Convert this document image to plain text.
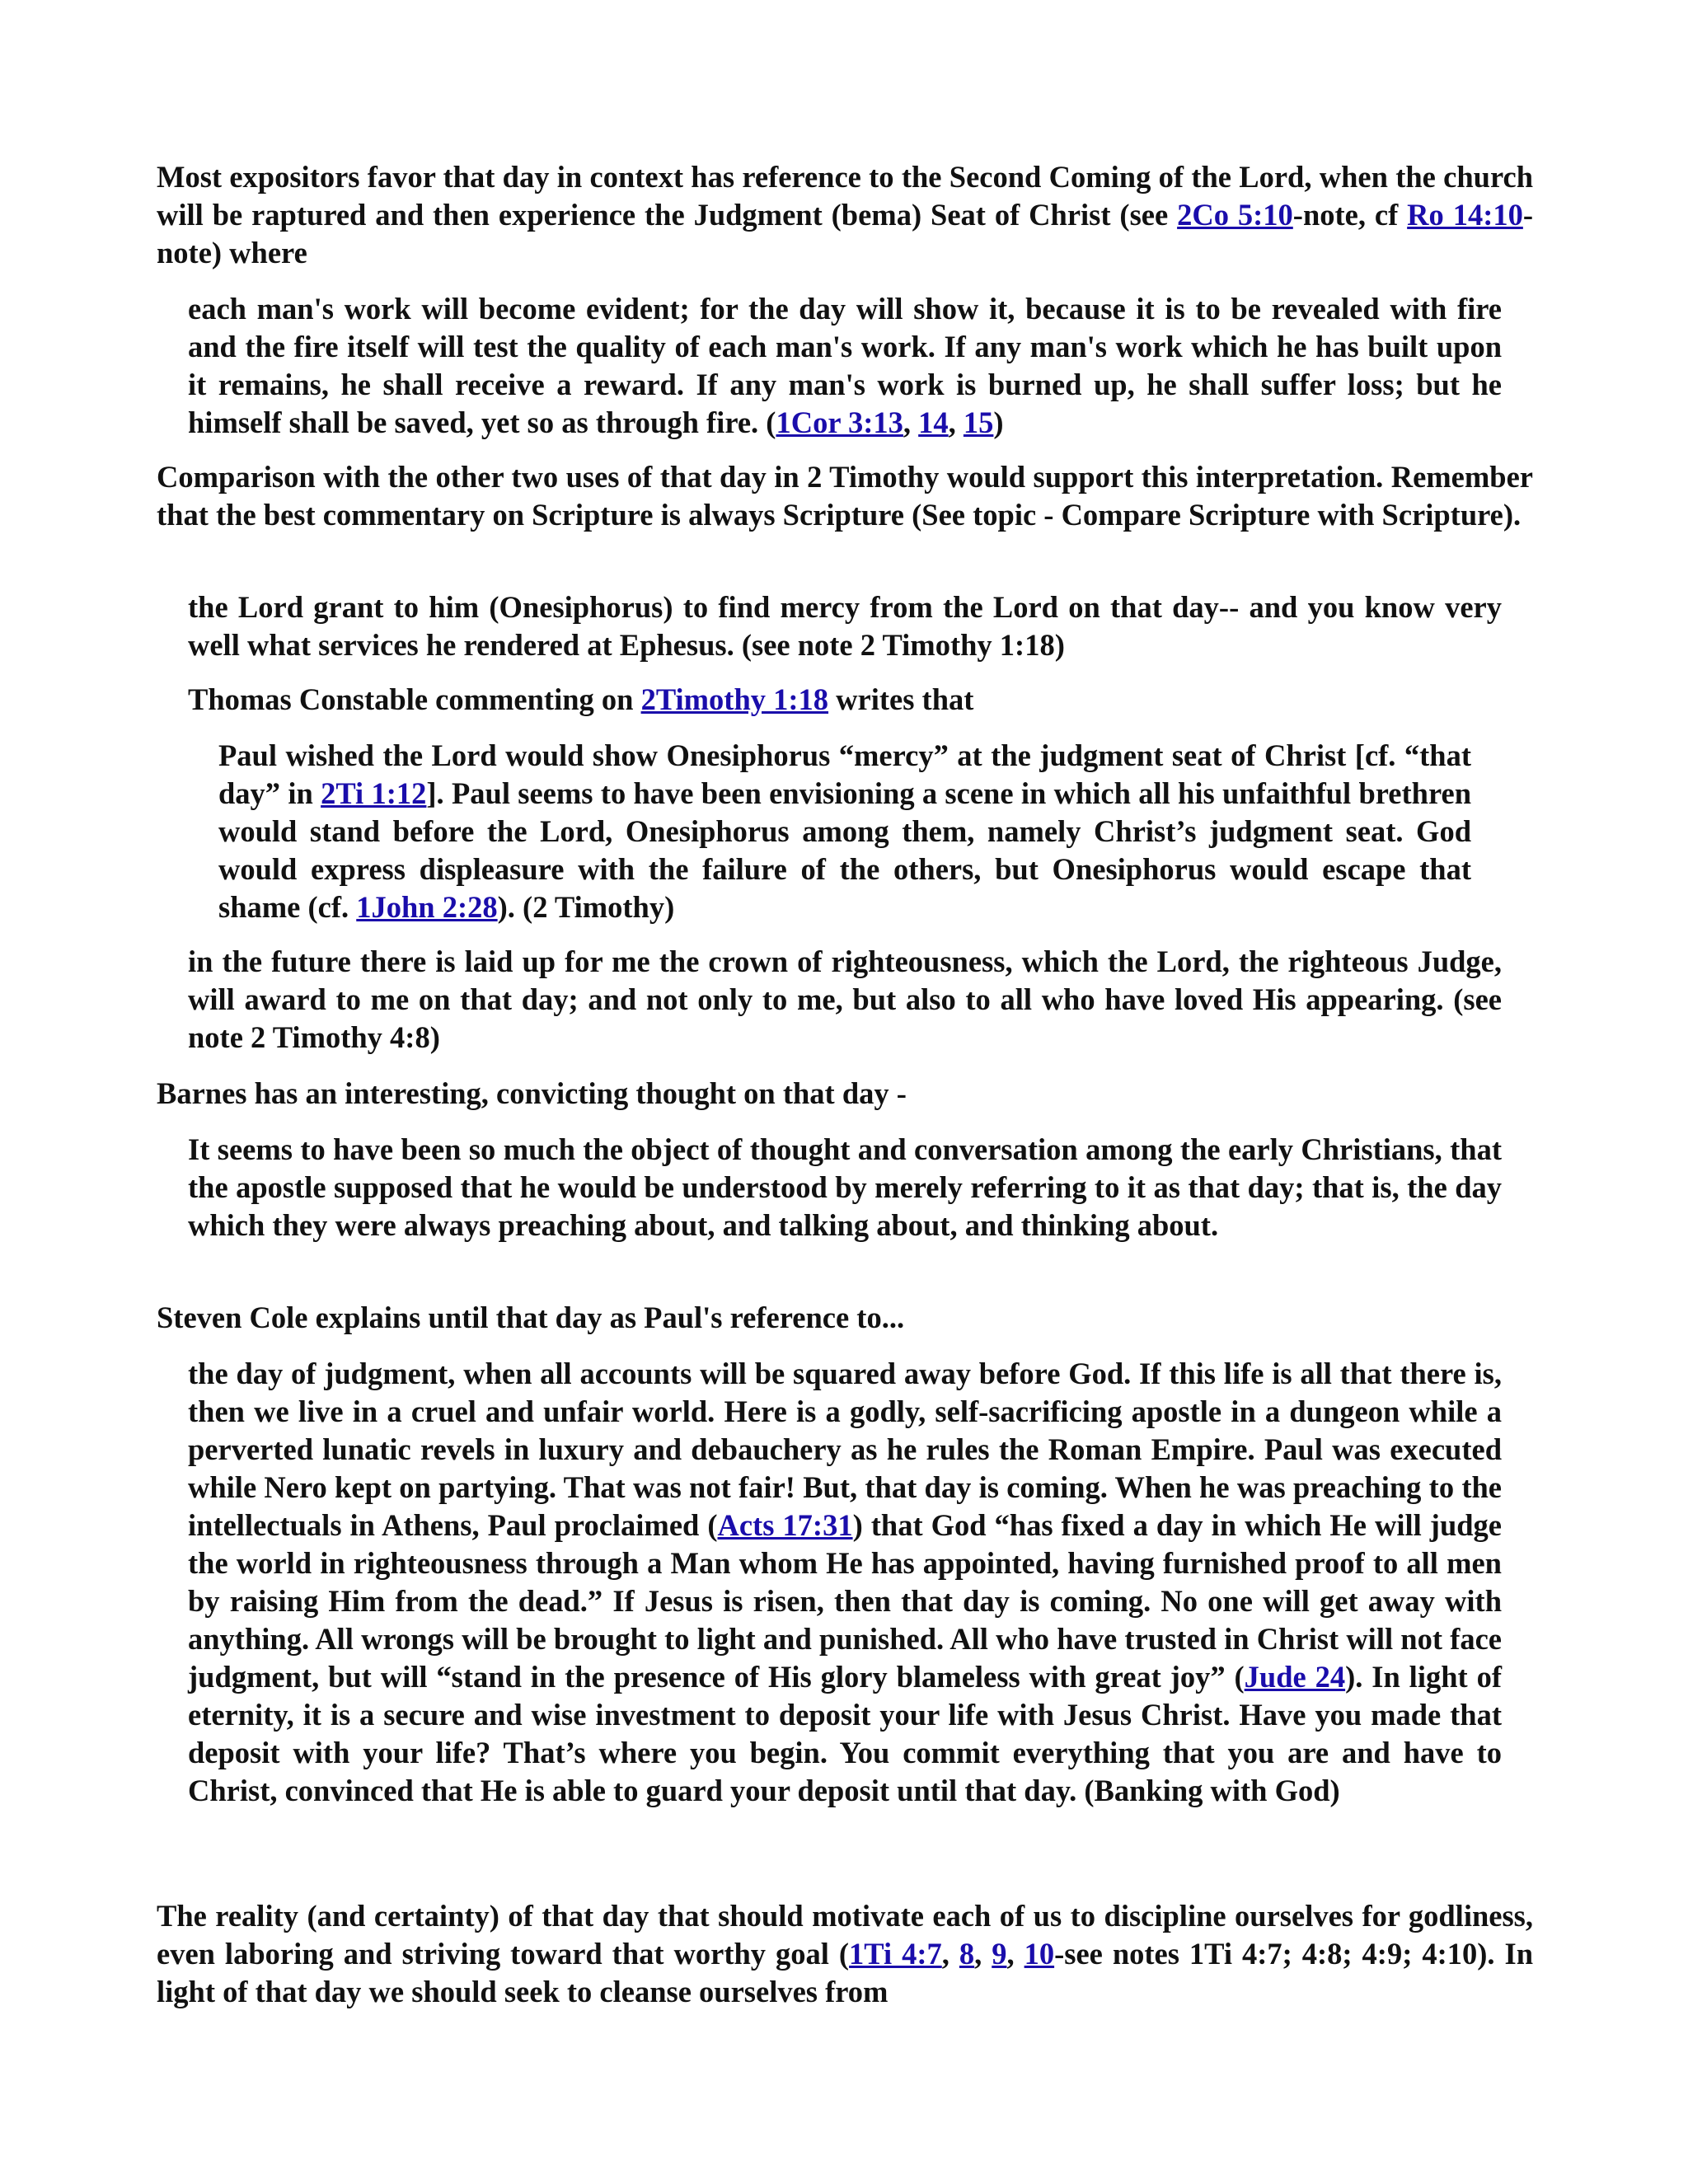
Most expositors favor that day in context has reference to the Second Coming of the Lord, when the church will be raptured and then experience the Judgment (bema) Seat of Christ (see 2Co 5:10-note, cf Ro 14:10-note) where

each man's work will become evident; for the day will show it, because it is to be revealed with fire and the fire itself will test the quality of each man's work. If any man's work which he has built upon it remains, he shall receive a reward. If any man's work is burned up, he shall suffer loss; but he himself shall be saved, yet so as through fire. (1Cor 3:13, 14, 15)

Comparison with the other two uses of that day in 2 Timothy would support this interpretation. Remember that the best commentary on Scripture is always Scripture (See topic - Compare Scripture with Scripture).

the Lord grant to him (Onesiphorus) to find mercy from the Lord on that day-- and you know very well what services he rendered at Ephesus. (see note 2 Timothy 1:18)

Thomas Constable commenting on 2Timothy 1:18 writes that

Paul wished the Lord would show Onesiphorus “mercy” at the judgment seat of Christ [cf. “that day” in 2Ti 1:12]. Paul seems to have been envisioning a scene in which all his unfaithful brethren would stand before the Lord, Onesiphorus among them, namely Christ’s judgment seat. God would express displeasure with the failure of the others, but Onesiphorus would escape that shame (cf. 1John 2:28). (2 Timothy)

in the future there is laid up for me the crown of righteousness, which the Lord, the righteous Judge, will award to me on that day; and not only to me, but also to all who have loved His appearing. (see note 2 Timothy 4:8)

Barnes has an interesting, convicting thought on that day -

It seems to have been so much the object of thought and conversation among the early Christians, that the apostle supposed that he would be understood by merely referring to it as that day; that is, the day which they were always preaching about, and talking about, and thinking about.

Steven Cole explains until that day as Paul's reference to...

the day of judgment, when all accounts will be squared away before God. If this life is all that there is, then we live in a cruel and unfair world. Here is a godly, self-sacrificing apostle in a dungeon while a perverted lunatic revels in luxury and debauchery as he rules the Roman Empire. Paul was executed while Nero kept on partying. That was not fair! But, that day is coming. When he was preaching to the intellectuals in Athens, Paul proclaimed (Acts 17:31) that God “has fixed a day in which He will judge the world in righteousness through a Man whom He has appointed, having furnished proof to all men by raising Him from the dead.” If Jesus is risen, then that day is coming. No one will get away with anything. All wrongs will be brought to light and punished. All who have trusted in Christ will not face judgment, but will “stand in the presence of His glory blameless with great joy” (Jude 24). In light of eternity, it is a secure and wise investment to deposit your life with Jesus Christ. Have you made that deposit with your life? That’s where you begin. You commit everything that you are and have to Christ, convinced that He is able to guard your deposit until that day. (Banking with God)

The reality (and certainty) of that day that should motivate each of us to discipline ourselves for godliness, even laboring and striving toward that worthy goal (1Ti 4:7, 8, 9, 10-see notes 1Ti 4:7; 4:8; 4:9; 4:10). In light of that day we should seek to cleanse ourselves from
